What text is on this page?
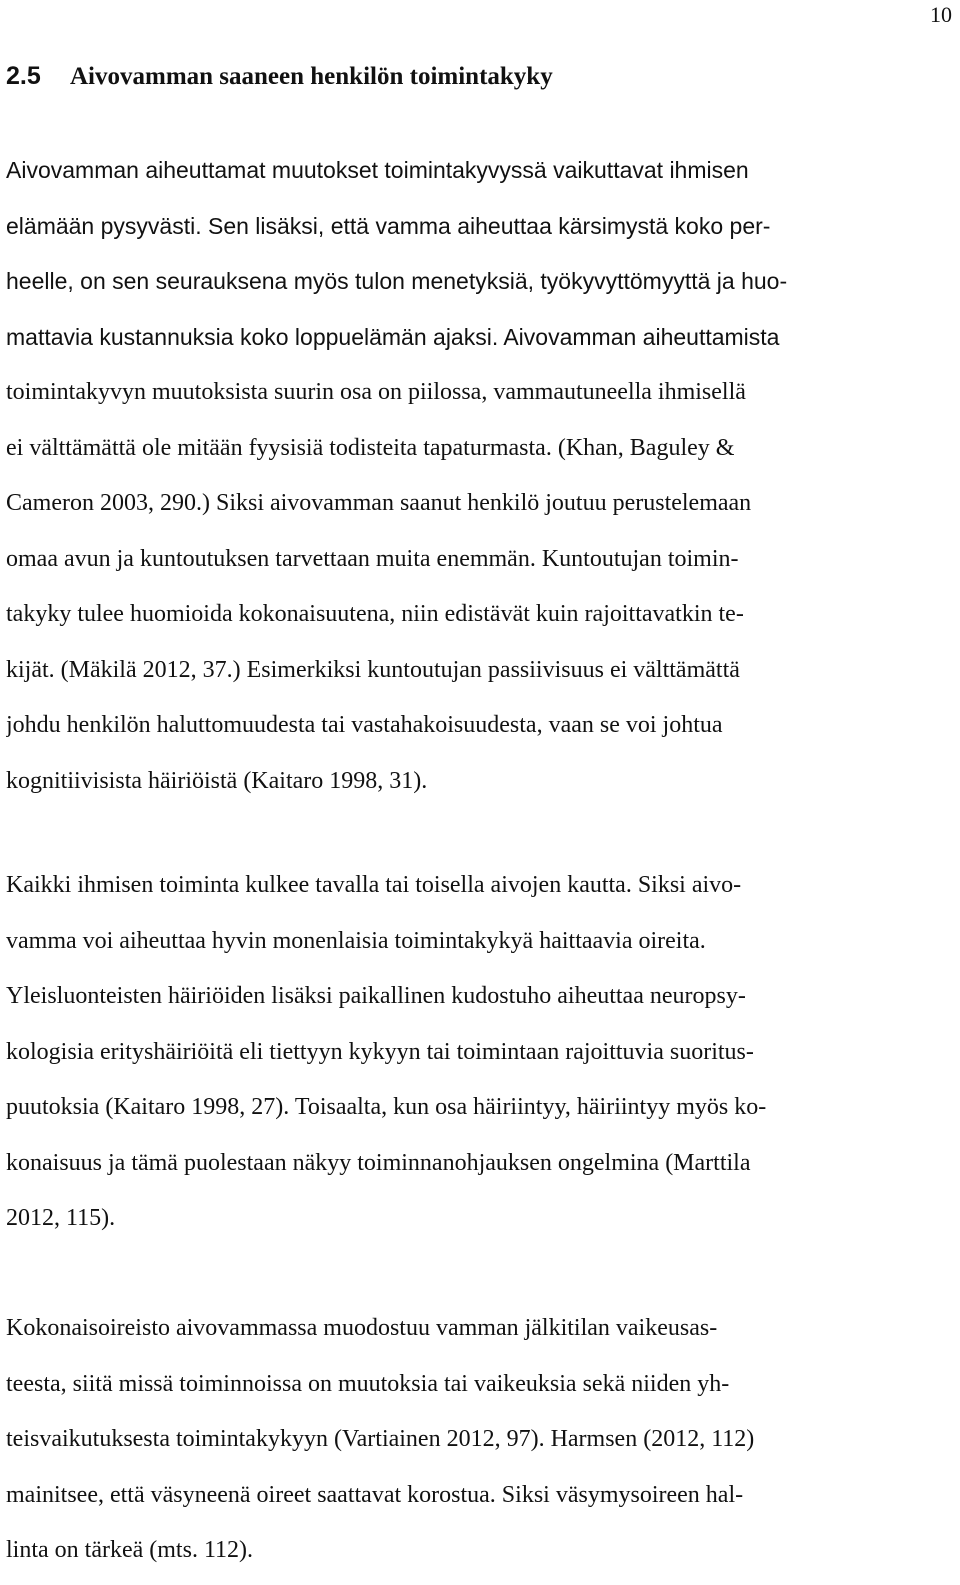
10
2.5 Aivovamman saaneen henkilön toimintakyky
Aivovamman aiheuttamat muutokset toimintakyvyssä vaikuttavat ihmisen
elämään pysyvästi. Sen lisäksi, että vamma aiheuttaa kärsimystä koko per-
heelle, on sen seurauksena myös tulon menetyksiä, työkyvyttömyyttä ja huo-
mattavia kustannuksia koko loppuelämän ajaksi. Aivovamman aiheuttamista
toimintakyvyn muutoksista suurin osa on piilossa, vammautuneella ihmisellä
ei välttämättä ole mitään fyysisiä todisteita tapaturmasta. (Khan, Baguley &
Cameron 2003, 290.) Siksi aivovamman saanut henkilö joutuu perustelemaan
omaa avun ja kuntoutuksen tarvettaan muita enemmän. Kuntoutujan toimin-
takyky tulee huomioida kokonaisuutena, niin edistävät kuin rajoittavatkin te-
kijät. (Mäkilä 2012, 37.) Esimerkiksi kuntoutujan passiivisuus ei välttämättä
johdu henkilön haluttomuudesta tai vastahakoisuudesta, vaan se voi johtua
kognitiivisista häiriöistä (Kaitaro 1998, 31).
Kaikki ihmisen toiminta kulkee tavalla tai toisella aivojen kautta. Siksi aivo-
vamma voi aiheuttaa hyvin monenlaisia toimintakykyä haittaavia oireita.
Yleisluonteisten häiriöiden lisäksi paikallinen kudostuho aiheuttaa neuropsy-
kologisia erityshäiriöitä eli tiettyyn kykyyn tai toimintaan rajoittuvia suoritus-
puutoksia (Kaitaro 1998, 27). Toisaalta, kun osa häiriintyy, häiriintyy myös ko-
konaisuus ja tämä puolestaan näkyy toiminnanohjauksen ongelmina (Marttila
2012, 115).
Kokonaisoireisto aivovammassa muodostuu vamman jälkitilan vaikeusas-
teesta, siitä missä toiminnoissa on muutoksia tai vaikeuksia sekä niiden yh-
teisvaikutuksesta toimintakykyyn (Vartiainen 2012, 97). Harmsen (2012, 112)
mainitsee, että väsyneenä oireet saattavat korostua. Siksi väsymysoireen hal-
linta on tärkeä (mts. 112).
